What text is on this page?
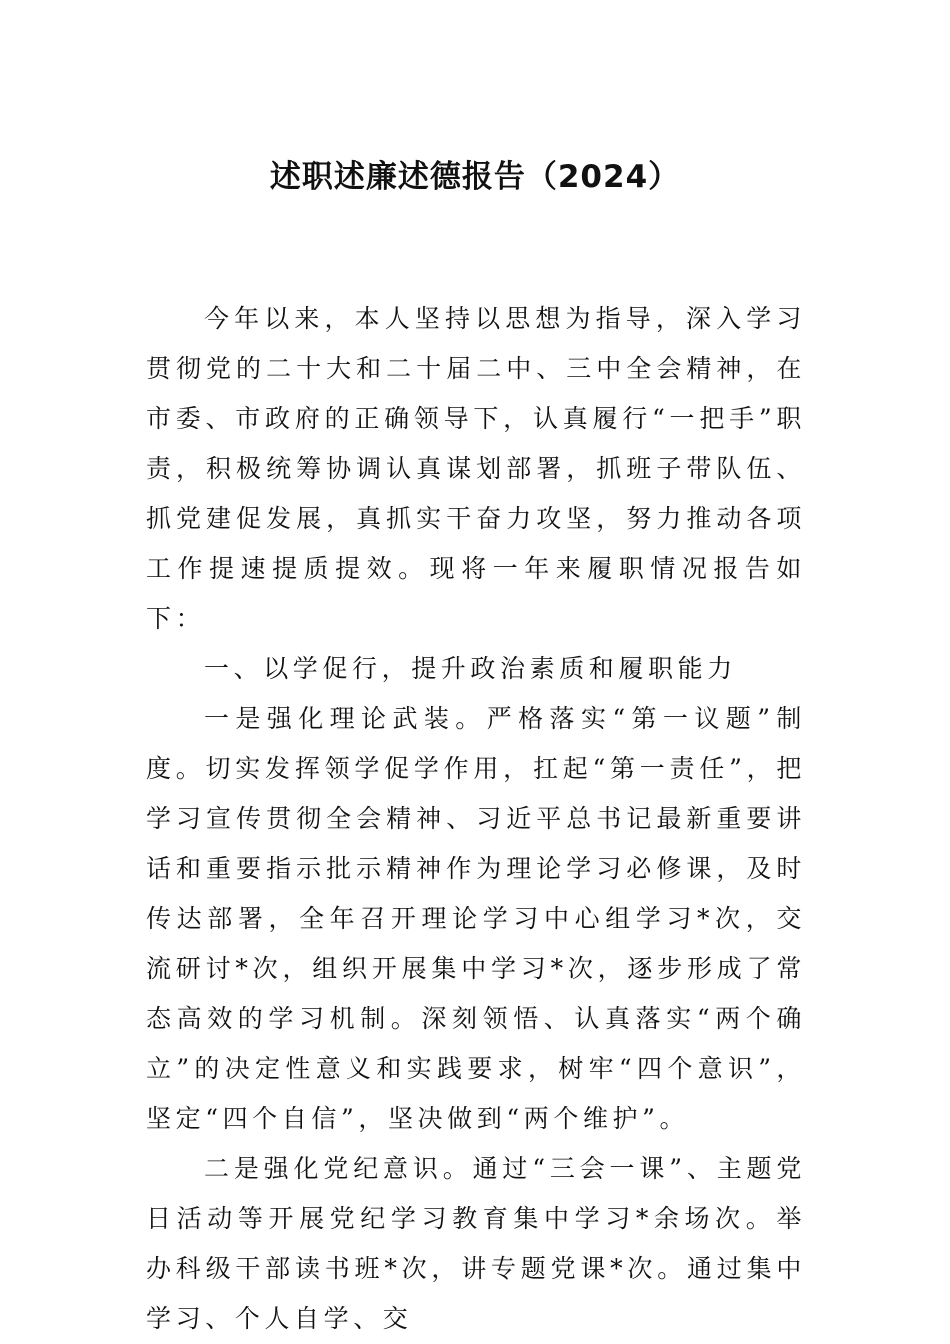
述职述廉述德报告（2024）

今年以来，本人坚持以思想为指导，深入学习贯彻党的二十大和二十届二中、三中全会精神，在市委、市政府的正确领导下，认真履行“一把手”职责，积极统筹协调认真谋划部署，抓班子带队伍、抓党建促发展，真抓实干奋力攻坚，努力推动各项工作提速提质提效。现将一年来履职情况报告如下：

一、以学促行，提升政治素质和履职能力

一是强化理论武装。严格落实“第一议题”制度。切实发挥领学促学作用，扛起“第一责任”，把学习宣传贯彻全会精神、习近平总书记最新重要讲话和重要指示批示精神作为理论学习必修课，及时传达部署，全年召开理论学习中心组学习*次，交流研讨*次，组织开展集中学习*次，逐步形成了常态高效的学习机制。深刻领悟、认真落实“两个确立”的决定性意义和实践要求，树牢“四个意识”，坚定“四个自信”，坚决做到“两个维护”。

二是强化党纪意识。通过“三会一课”、主题党日活动等开展党纪学习教育集中学习*余场次。举办科级干部读书班*次，讲专题党课*次。通过集中学习、个人自学、交
